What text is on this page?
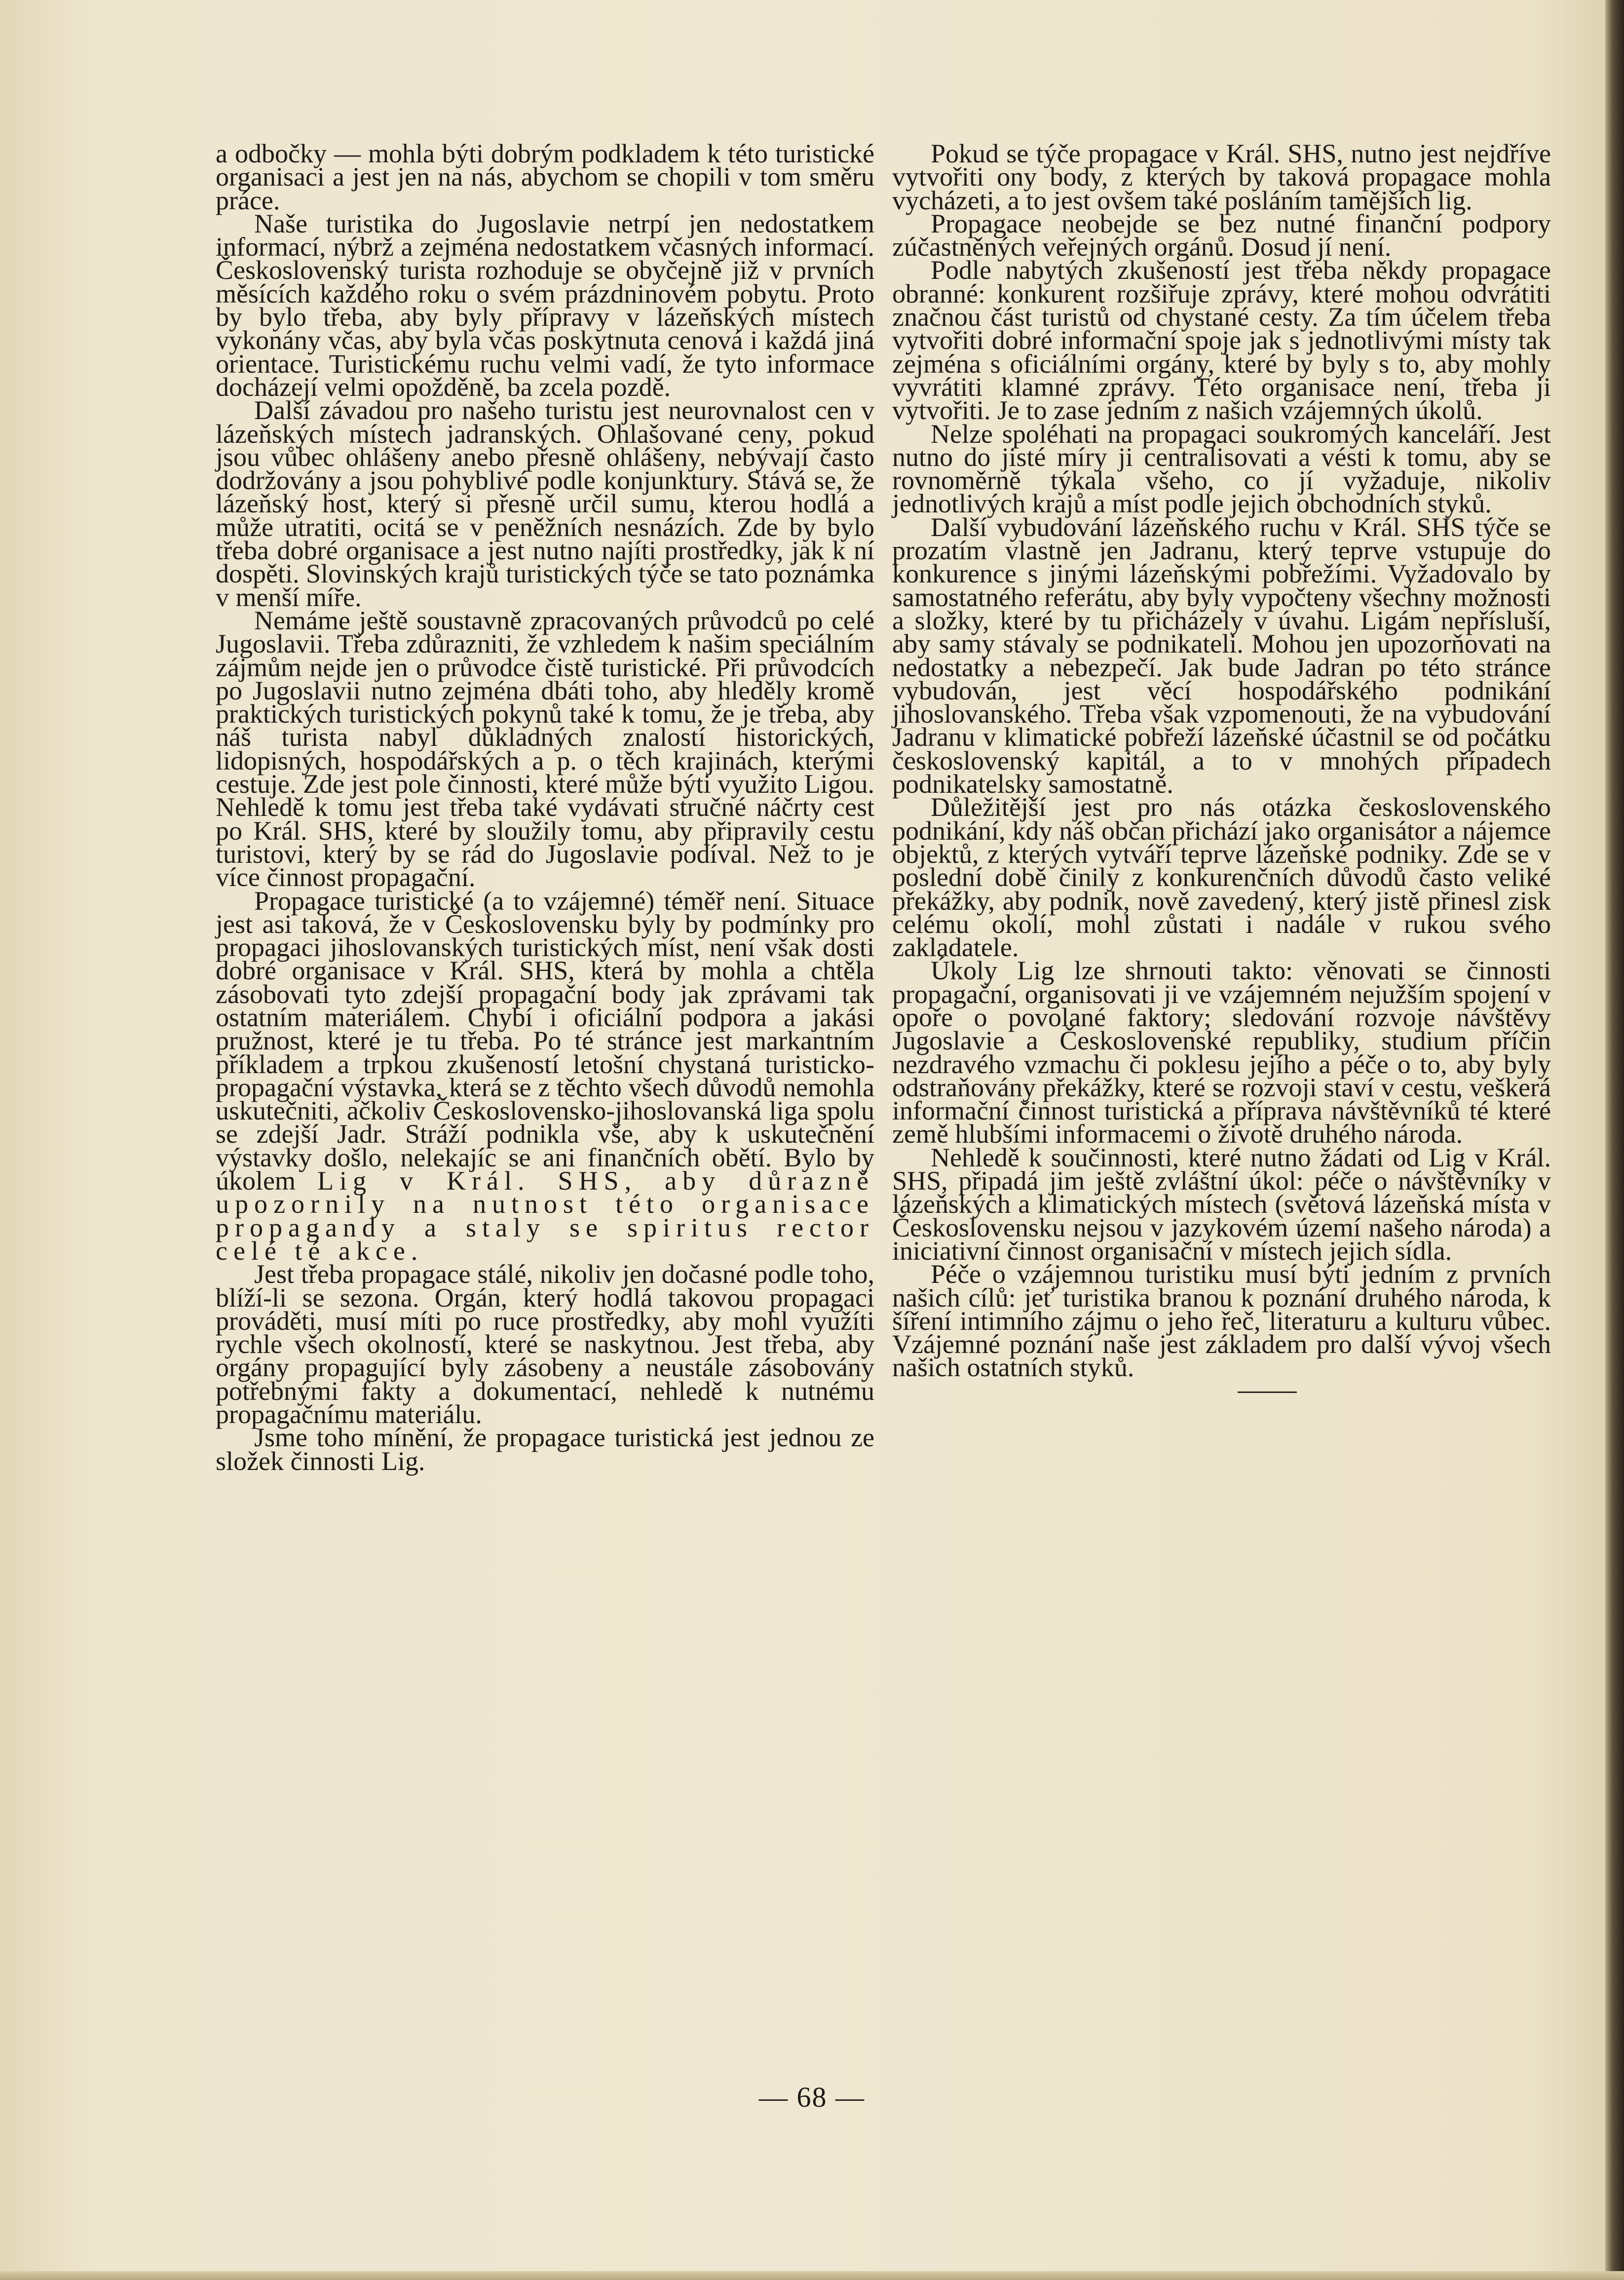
a odbočky — mohla býti dobrým podkladem k této turistické organisaci a jest jen na nás, abychom se chopili v tom směru práce.

Naše turistika do Jugoslavie netrpí jen nedostatkem informací, nýbrž a zejména nedostatkem včasných informací. Československý turista rozhoduje se obyčejně již v prvních měsících každého roku o svém prázdninovém pobytu. Proto by bylo třeba, aby byly přípravy v lázeňských místech vykonány včas, aby byla včas poskytnuta cenová i každá jiná orientace. Turistickému ruchu velmi vadí, že tyto informace docházejí velmi opožděně, ba zcela pozdě.

Další závadou pro našeho turistu jest neurovnalost cen v lázeňských místech jadranských. Ohlašované ceny, pokud jsou vůbec ohlášeny anebo přesně ohlášeny, nebývají často dodržovány a jsou pohyblivé podle konjunktury. Stává se, že lázeňský host, který si přesně určil sumu, kterou hodlá a může utratiti, ocitá se v peněžních nesnázích. Zde by bylo třeba dobré organisace a jest nutno najíti prostředky, jak k ní dospěti. Slovinských krajů turistických týče se tato poznámka v menší míře.

Nemáme ještě soustavně zpracovaných průvodců po celé Jugoslavii. Třeba zdůrazniti, že vzhledem k našim speciálním zájmům nejde jen o průvodce čistě turistické. Při průvodcích po Jugoslavii nutno zejména dbáti toho, aby hleděly kromě praktických turistických pokynů také k tomu, že je třeba, aby náš turista nabyl důkladných znalostí historických, lidopisných, hospodářských a p. o těch krajinách, kterými cestuje. Zde jest pole činnosti, které může býti využito Ligou. Nehledě k tomu jest třeba také vydávati stručné náčrty cest po Král. SHS, které by sloužily tomu, aby připravily cestu turistovi, který by se rád do Jugoslavie podíval. Než to je více činnost propagační.

Propagace turistické (a to vzájemné) téměř není. Situace jest asi taková, že v Československu byly by podmínky pro propagaci jihoslovanských turistických míst, není však dosti dobré organisace v Král. SHS, která by mohla a chtěla zásobovati tyto zdejší propagační body jak zprávami tak ostatním materiálem. Chybí i oficiální podpora a jakási pružnost, které je tu třeba. Po té stránce jest markantním příkladem a trpkou zkušeností letošní chystaná turisticko-propagační výstavka, která se z těchto všech důvodů nemohla uskutečniti, ačkoliv Československo-jihoslovanská liga spolu se zdejší Jadr. Stráží podnikla vše, aby k uskutečnění výstavky došlo, nelekajíc se ani finančních obětí. Bylo by úkolem Lig v Král. SHS, aby důrazně upozornily na nutnost této organisace propagandy a staly se spiritus rector celé té akce.

Jest třeba propagace stálé, nikoliv jen dočasné podle toho, blíží-li se sezona. Orgán, který hodlá takovou propagaci prováděti, musí míti po ruce prostředky, aby mohl využíti rychle všech okolností, které se naskytnou. Jest třeba, aby orgány propagující byly zásobeny a neustále zásobovány potřebnými fakty a dokumentací, nehledě k nutnému propagačnímu materiálu.

Jsme toho mínění, že propagace turistická jest jednou ze složek činnosti Lig.

Pokud se týče propagace v Král. SHS, nutno jest nejdříve vytvořiti ony body, z kterých by taková propagace mohla vycházeti, a to jest ovšem také posláním tamějších lig.

Propagace neobejde se bez nutné finanční podpory zúčastněných veřejných orgánů. Dosud jí není.

Podle nabytých zkušeností jest třeba někdy propagace obranné: konkurent rozšiřuje zprávy, které mohou odvrátiti značnou část turistů od chystané cesty. Za tím účelem třeba vytvořiti dobré informační spoje jak s jednotlivými místy tak zejména s oficiálními orgány, které by byly s to, aby mohly vyvrátiti klamné zprávy. Této organisace není, třeba ji vytvořiti. Je to zase jedním z našich vzájemných úkolů.

Nelze spoléhati na propagaci soukromých kanceláří. Jest nutno do jisté míry ji centralisovati a vésti k tomu, aby se rovnoměrně týkala všeho, co jí vyžaduje, nikoliv jednotlivých krajů a míst podle jejich obchodních styků.

Další vybudování lázeňského ruchu v Král. SHS týče se prozatím vlastně jen Jadranu, který teprve vstupuje do konkurence s jinými lázeňskými pobřežími. Vyžadovalo by samostatného referátu, aby byly vypočteny všechny možnosti a složky, které by tu přicházely v úvahu. Ligám nepřísluší, aby samy stávaly se podnikateli. Mohou jen upozorňovati na nedostatky a nebezpečí. Jak bude Jadran po této stránce vybudován, jest věcí hospodářského podnikání jihoslovanského. Třeba však vzpomenouti, že na vybudování Jadranu v klimatické pobřeží lázeňské účastnil se od počátku československý kapitál, a to v mnohých případech podnikatelsky samostatně.

Důležitější jest pro nás otázka československého podnikání, kdy náš občan přichází jako organisátor a nájemce objektů, z kterých vytváří teprve lázeňské podniky. Zde se v poslední době činily z konkurenčních důvodů často veliké překážky, aby podnik, nově zavedený, který jistě přinesl zisk celému okolí, mohl zůstati i nadále v rukou svého zakladatele.

Úkoly Lig lze shrnouti takto: věnovati se činnosti propagační, organisovati ji ve vzájemném nejužším spojení v opoře o povolané faktory; sledování rozvoje návštěvy Jugoslavie a Československé republiky, studium příčin nezdravého vzmachu či poklesu jejího a péče o to, aby byly odstraňovány překážky, které se rozvoji staví v cestu, veškerá informační činnost turistická a příprava návštěvníků té které země hlubšími informacemi o životě druhého národa.

Nehledě k součinnosti, které nutno žádati od Lig v Král. SHS, připadá jim ještě zvláštní úkol: péče o návštěvníky v lázeňských a klimatických místech (světová lázeňská místa v Československu nejsou v jazykovém území našeho národa) a iniciativní činnost organisační v místech jejich sídla.

Péče o vzájemnou turistiku musí býti jedním z prvních našich cílů: jeť turistika branou k poznání druhého národa, k šíření intimního zájmu o jeho řeč, literaturu a kulturu vůbec. Vzájemné poznání naše jest základem pro další vývoj všech našich ostatních styků.

— 68 —
